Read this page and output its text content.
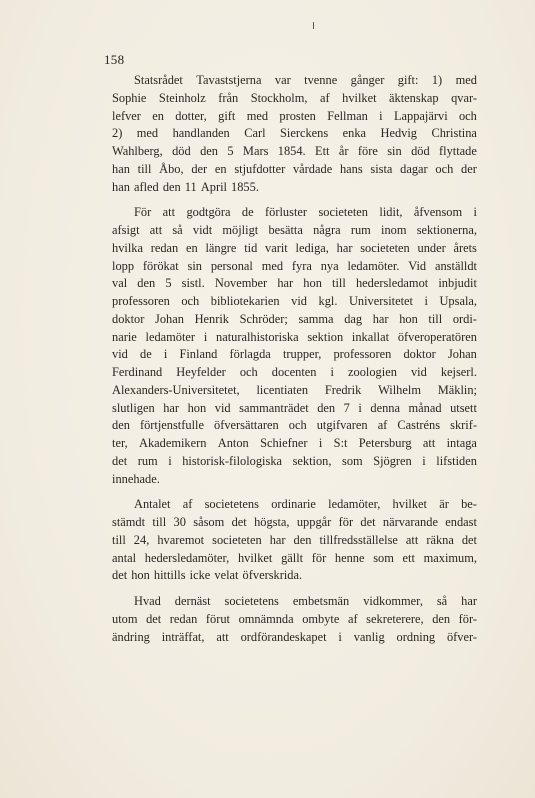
158
Statsrådet Tavaststjerna var tvenne gånger gift: 1) med
Sophie Steinholz från Stockholm, af hvilket äktenskap qvar-
lefver en dotter, gift med prosten Fellman i Lappajärvi och
2) med handlanden Carl Sierckens enka Hedvig Christina
Wahlberg, död den 5 Mars 1854. Ett år före sin död flyttade
han till Åbo, der en stjufdotter vårdade hans sista dagar och der
han afled den 11 April 1855.
För att godtgöra de förluster societeten lidit, åfvensom i
afsigt att så vidt möjligt besätta några rum inom sektionerna,
hvilka redan en längre tid varit lediga, har societeten under årets
lopp förökat sin personal med fyra nya ledamöter. Vid anställdt
val den 5 sistl. November har hon till hedersledamot inbjudit
professoren och bibliotekarien vid kgl. Universitetet i Upsala,
doktor Johan Henrik Schröder; samma dag har hon till ordi-
narie ledamöter i naturalhistoriska sektion inkallat öfveroperatören
vid de i Finland förlagda trupper, professoren doktor Johan
Ferdinand Heyfelder och docenten i zoologien vid kejserl.
Alexanders-Universitetet, licentiaten Fredrik Wilhelm Mäklin;
slutligen har hon vid sammanträdet den 7 i denna månad utsett
den förtjenstfulle öfversättaren och utgifvaren af Castréns skrif-
ter, Akademikern Anton Schiefner i S:t Petersburg att intaga
det rum i historisk-filologiska sektion, som Sjögren i lifstiden
innehade.
Antalet af societetens ordinarie ledamöter, hvilket är be-
stämdt till 30 såsom det högsta, uppgår för det närvarande endast
till 24, hvaremot societeten har den tillfredsställelse att räkna det
antal hedersledamöter, hvilket gällt för henne som ett maximum,
det hon hittills icke velat öfverskrida.
Hvad dernäst societetens embetsmän vidkommer, så har
utom det redan förut omnämnda ombyte af sekreterere, den för-
ändring inträffat, att ordförandeskapet i vanlig ordning öfver-
